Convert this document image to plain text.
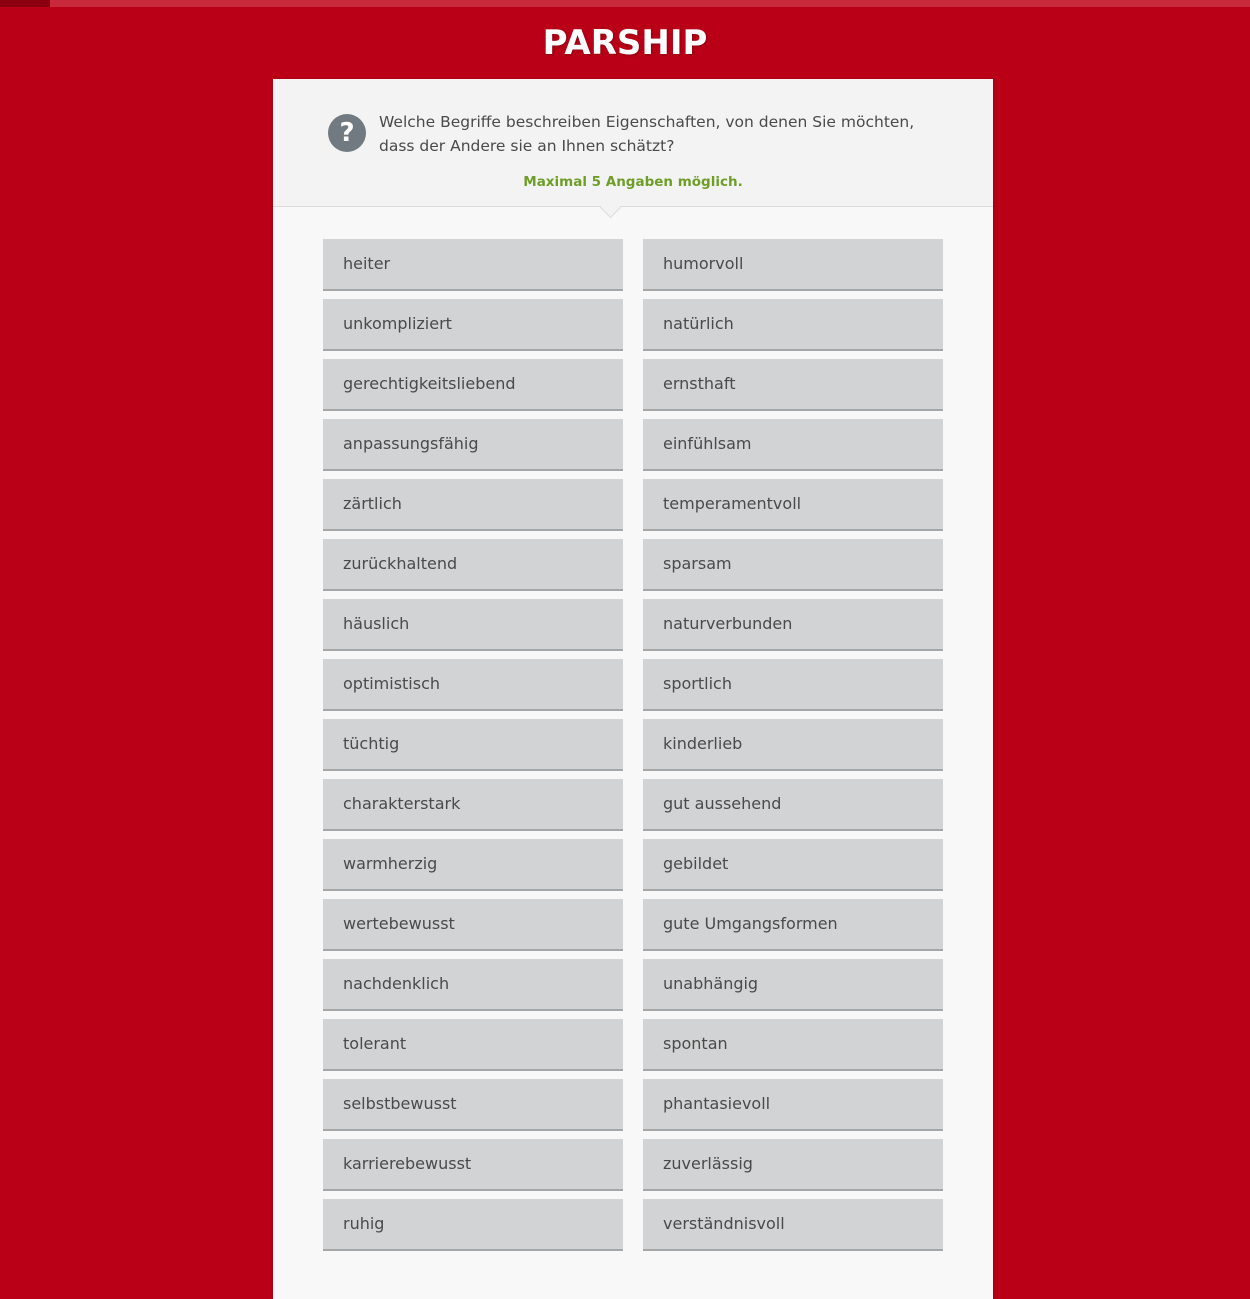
PARSHIP
?	Welche Begriffe beschreiben Eigenschaften, von denen Sie möchten, dass der Andere sie an Ihnen schätzt?
Maximal 5 Angaben möglich.
heiter	humorvoll
unkompliziert	natürlich
gerechtigkeitsliebend	ernsthaft
anpassungsfähig	einfühlsam
zärtlich	temperamentvoll
zurückhaltend	sparsam
häuslich	naturverbunden
optimistisch	sportlich
tüchtig	kinderlieb
charakterstark	gut aussehend
warmherzig	gebildet
wertebewusst	gute Umgangsformen
nachdenklich	unabhängig
tolerant	spontan
selbstbewusst	phantasievoll
karrierebewusst	zuverlässig
ruhig	verständnisvoll
